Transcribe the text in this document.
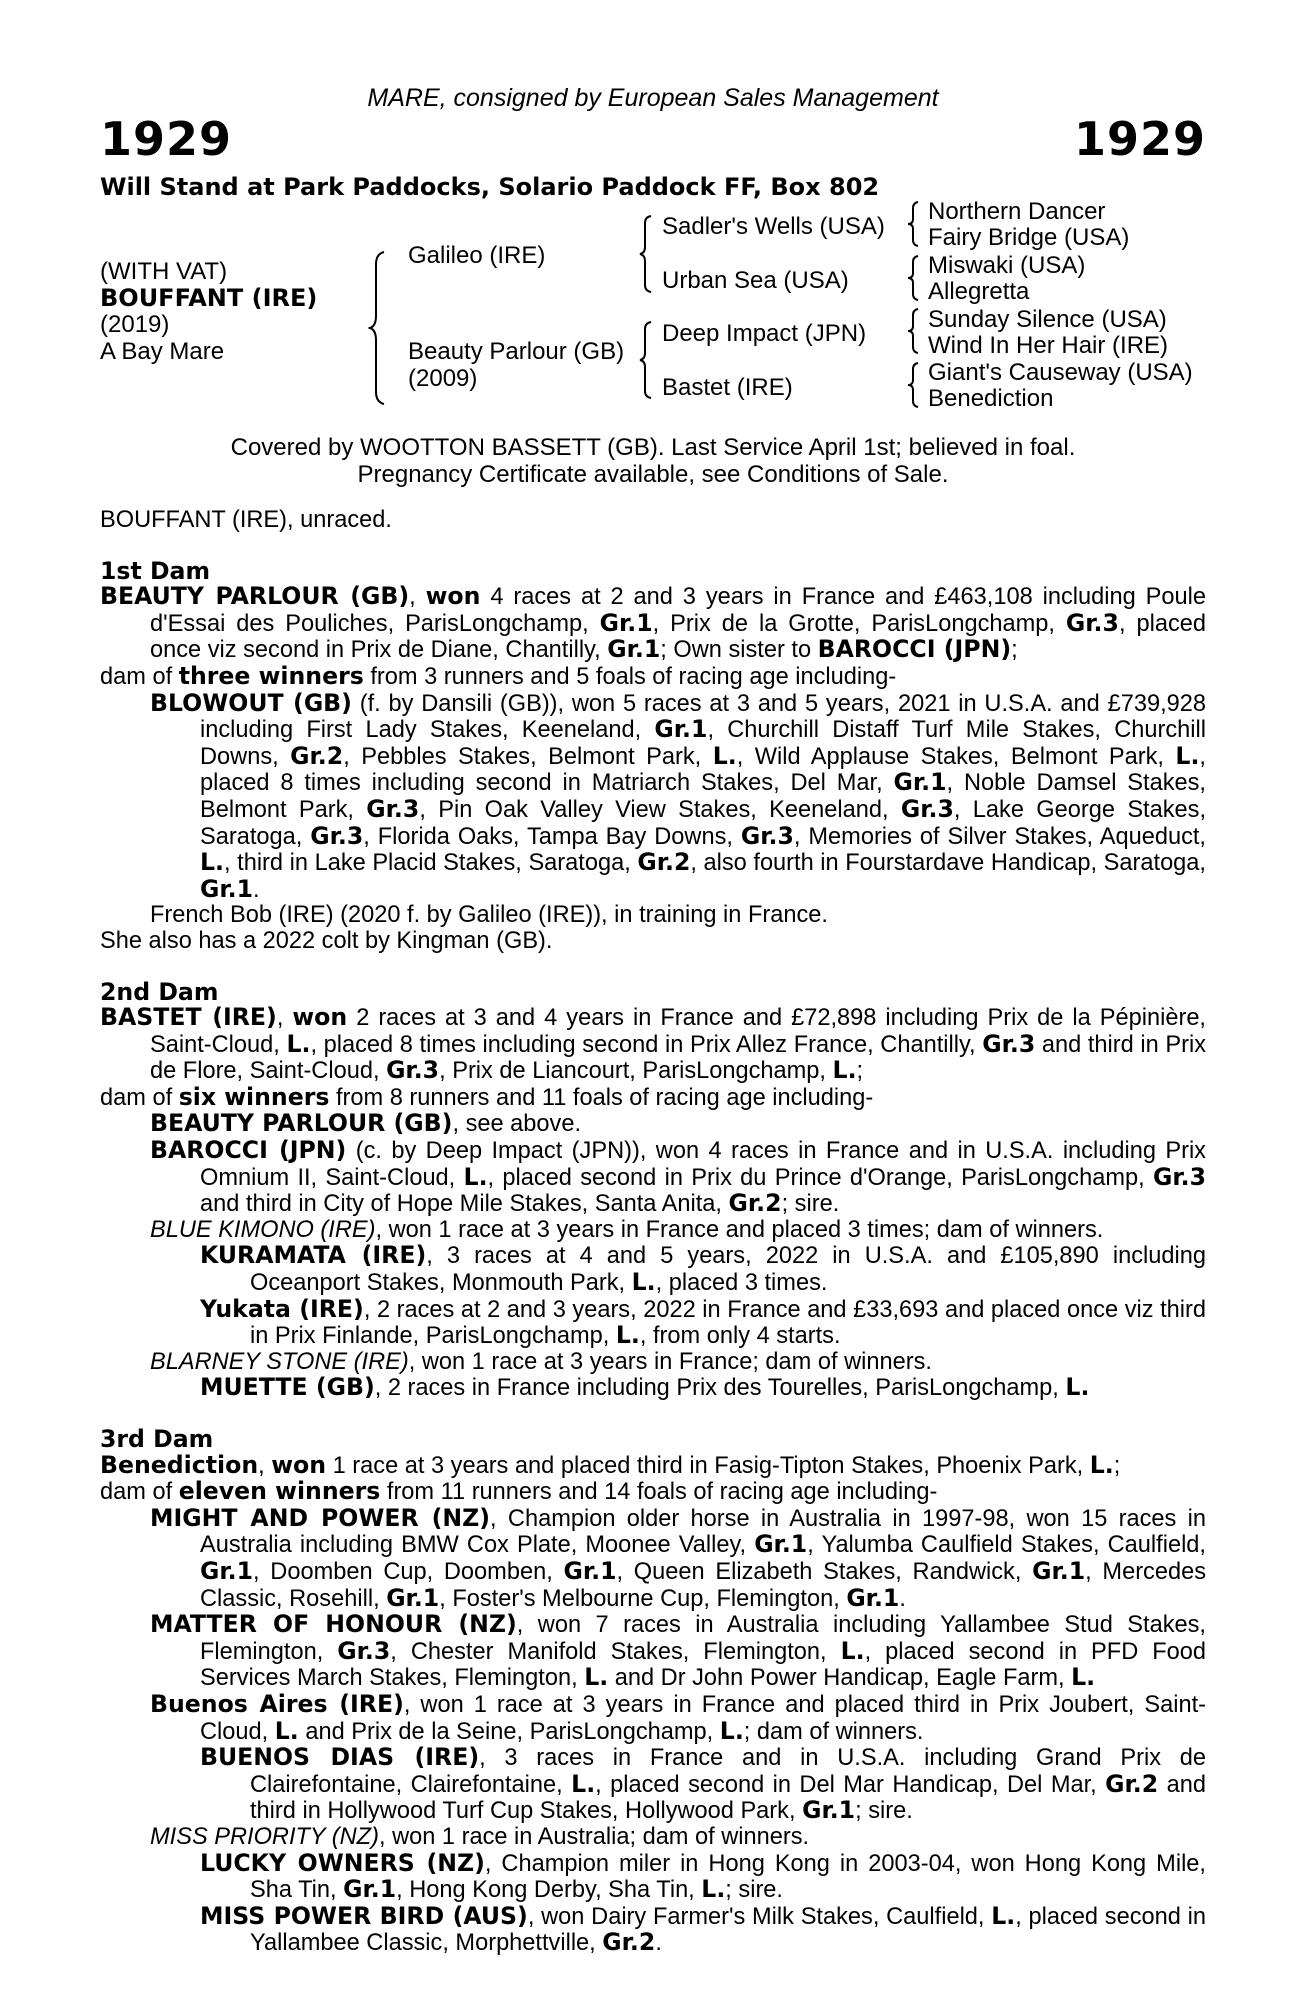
MARE, consigned by European Sales Management
1929	1929
Will Stand at Park Paddocks, Solario Paddock FF, Box 802
(WITH VAT)
BOUFFANT (IRE)
(2019)
A Bay Mare
Galileo (IRE)
Beauty Parlour (GB)
(2009)
Sadler's Wells (USA)
Urban Sea (USA)
Deep Impact (JPN)
Bastet (IRE)
Northern Dancer
Fairy Bridge (USA)
Miswaki (USA)
Allegretta
Sunday Silence (USA)
Wind In Her Hair (IRE)
Giant's Causeway (USA)
Benediction
Covered by WOOTTON BASSETT (GB). Last Service April 1st; believed in foal.
Pregnancy Certificate available, see Conditions of Sale.
BOUFFANT (IRE), unraced.
1st Dam
BEAUTY PARLOUR (GB), won 4 races at 2 and 3 years in France and £463,108 including Poule d'Essai des Pouliches, ParisLongchamp, Gr.1, Prix de la Grotte, ParisLongchamp, Gr.3, placed once viz second in Prix de Diane, Chantilly, Gr.1; Own sister to BAROCCI (JPN);
dam of three winners from 3 runners and 5 foals of racing age including-
BLOWOUT (GB) (f. by Dansili (GB)), won 5 races at 3 and 5 years, 2021 in U.S.A. and £739,928 including First Lady Stakes, Keeneland, Gr.1, Churchill Distaff Turf Mile Stakes, Churchill Downs, Gr.2, Pebbles Stakes, Belmont Park, L., Wild Applause Stakes, Belmont Park, L., placed 8 times including second in Matriarch Stakes, Del Mar, Gr.1, Noble Damsel Stakes, Belmont Park, Gr.3, Pin Oak Valley View Stakes, Keeneland, Gr.3, Lake George Stakes, Saratoga, Gr.3, Florida Oaks, Tampa Bay Downs, Gr.3, Memories of Silver Stakes, Aqueduct, L., third in Lake Placid Stakes, Saratoga, Gr.2, also fourth in Fourstardave Handicap, Saratoga, Gr.1.
French Bob (IRE) (2020 f. by Galileo (IRE)), in training in France.
She also has a 2022 colt by Kingman (GB).
2nd Dam
BASTET (IRE), won 2 races at 3 and 4 years in France and £72,898 including Prix de la Pépinière, Saint-Cloud, L., placed 8 times including second in Prix Allez France, Chantilly, Gr.3 and third in Prix de Flore, Saint-Cloud, Gr.3, Prix de Liancourt, ParisLongchamp, L.;
dam of six winners from 8 runners and 11 foals of racing age including-
BEAUTY PARLOUR (GB), see above.
BAROCCI (JPN) (c. by Deep Impact (JPN)), won 4 races in France and in U.S.A. including Prix Omnium II, Saint-Cloud, L., placed second in Prix du Prince d'Orange, ParisLongchamp, Gr.3 and third in City of Hope Mile Stakes, Santa Anita, Gr.2; sire.
BLUE KIMONO (IRE), won 1 race at 3 years in France and placed 3 times; dam of winners.
KURAMATA (IRE), 3 races at 4 and 5 years, 2022 in U.S.A. and £105,890 including Oceanport Stakes, Monmouth Park, L., placed 3 times.
Yukata (IRE), 2 races at 2 and 3 years, 2022 in France and £33,693 and placed once viz third in Prix Finlande, ParisLongchamp, L., from only 4 starts.
BLARNEY STONE (IRE), won 1 race at 3 years in France; dam of winners.
MUETTE (GB), 2 races in France including Prix des Tourelles, ParisLongchamp, L.
3rd Dam
Benediction, won 1 race at 3 years and placed third in Fasig-Tipton Stakes, Phoenix Park, L.;
dam of eleven winners from 11 runners and 14 foals of racing age including-
MIGHT AND POWER (NZ), Champion older horse in Australia in 1997-98, won 15 races in Australia including BMW Cox Plate, Moonee Valley, Gr.1, Yalumba Caulfield Stakes, Caulfield, Gr.1, Doomben Cup, Doomben, Gr.1, Queen Elizabeth Stakes, Randwick, Gr.1, Mercedes Classic, Rosehill, Gr.1, Foster's Melbourne Cup, Flemington, Gr.1.
MATTER OF HONOUR (NZ), won 7 races in Australia including Yallambee Stud Stakes, Flemington, Gr.3, Chester Manifold Stakes, Flemington, L., placed second in PFD Food Services March Stakes, Flemington, L. and Dr John Power Handicap, Eagle Farm, L.
Buenos Aires (IRE), won 1 race at 3 years in France and placed third in Prix Joubert, Saint-Cloud, L. and Prix de la Seine, ParisLongchamp, L.; dam of winners.
BUENOS DIAS (IRE), 3 races in France and in U.S.A. including Grand Prix de Clairefontaine, Clairefontaine, L., placed second in Del Mar Handicap, Del Mar, Gr.2 and third in Hollywood Turf Cup Stakes, Hollywood Park, Gr.1; sire.
MISS PRIORITY (NZ), won 1 race in Australia; dam of winners.
LUCKY OWNERS (NZ), Champion miler in Hong Kong in 2003-04, won Hong Kong Mile, Sha Tin, Gr.1, Hong Kong Derby, Sha Tin, L.; sire.
MISS POWER BIRD (AUS), won Dairy Farmer's Milk Stakes, Caulfield, L., placed second in Yallambee Classic, Morphettville, Gr.2.
